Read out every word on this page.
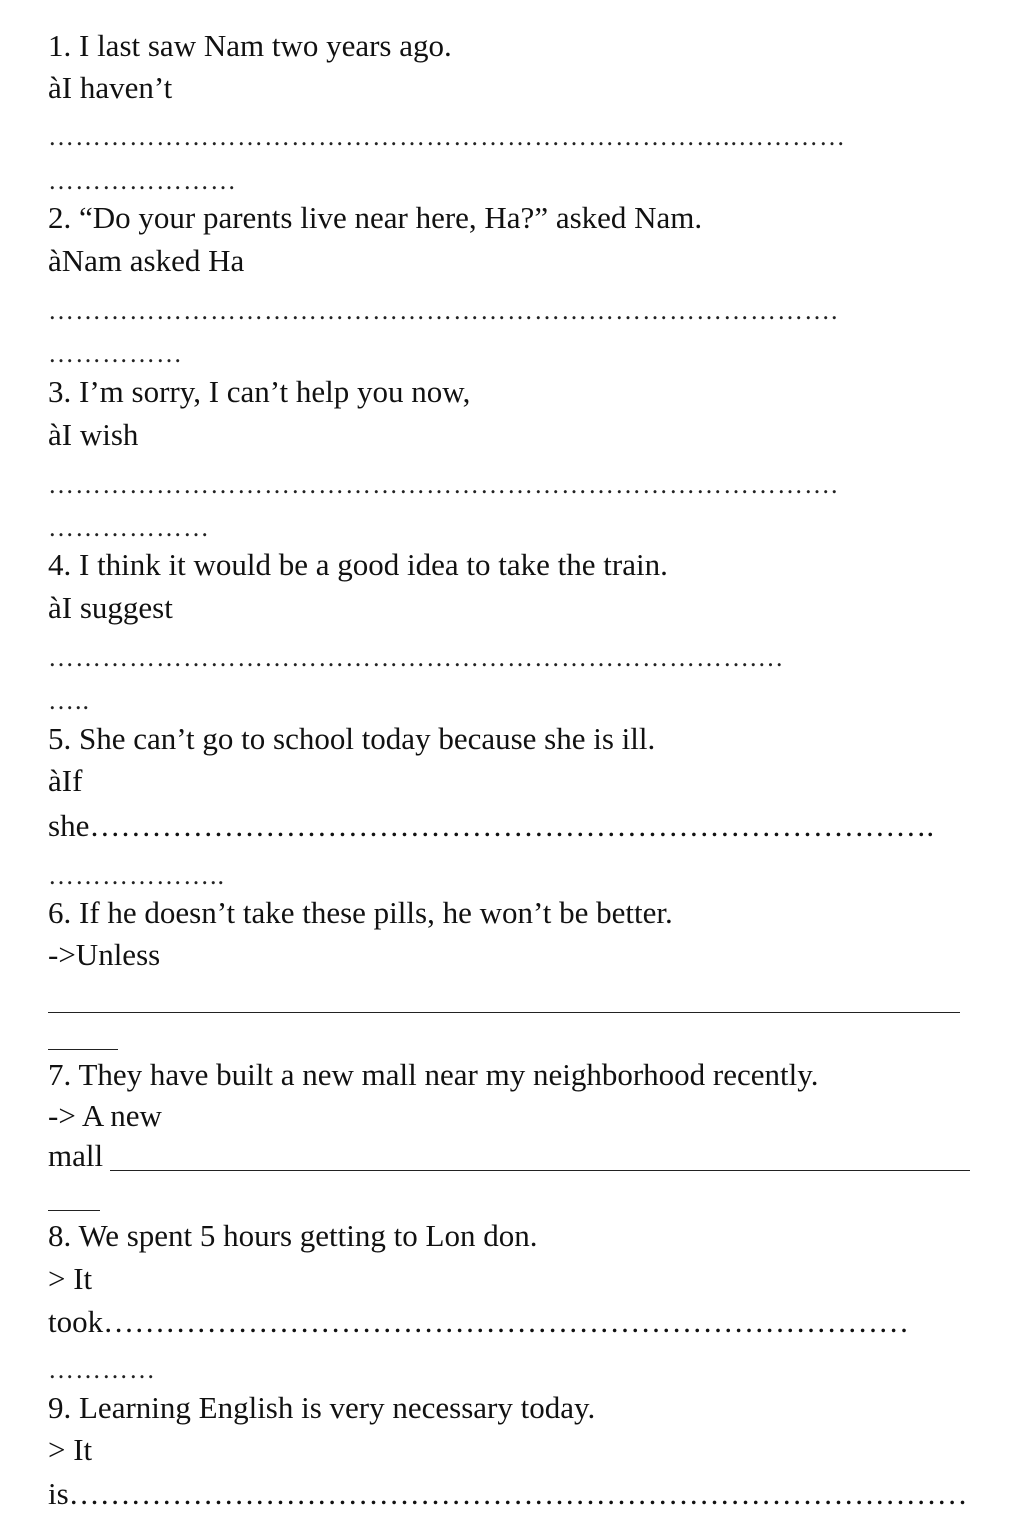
1. I last saw Nam two years ago.
àI haven’t
…………………………………………………………………..…………
…………………
2. “Do your parents live near here, Ha?” asked Nam.
àNam asked Ha
…………………………………………………………………………….
……………
3. I’m sorry, I can’t help you now,
àI wish
…………………………………………………………………………….
………………
4. I think it would be a good idea to take the train.
àI suggest
…………………………………………………………………….…
…..
5. She can’t go to school today because she is ill.
àIf
she……………………………………………………………………….
………………..
6. If he doesn’t take these pills, he won’t be better.
->Unless
7. They have built a new mall near my neighborhood recently.
-> A new
mall
8. We spent 5 hours getting to Lon don.
> It
took……………………………………………………………………
…………
9. Learning English is very necessary today.
> It
is……………………………………………………………………………
